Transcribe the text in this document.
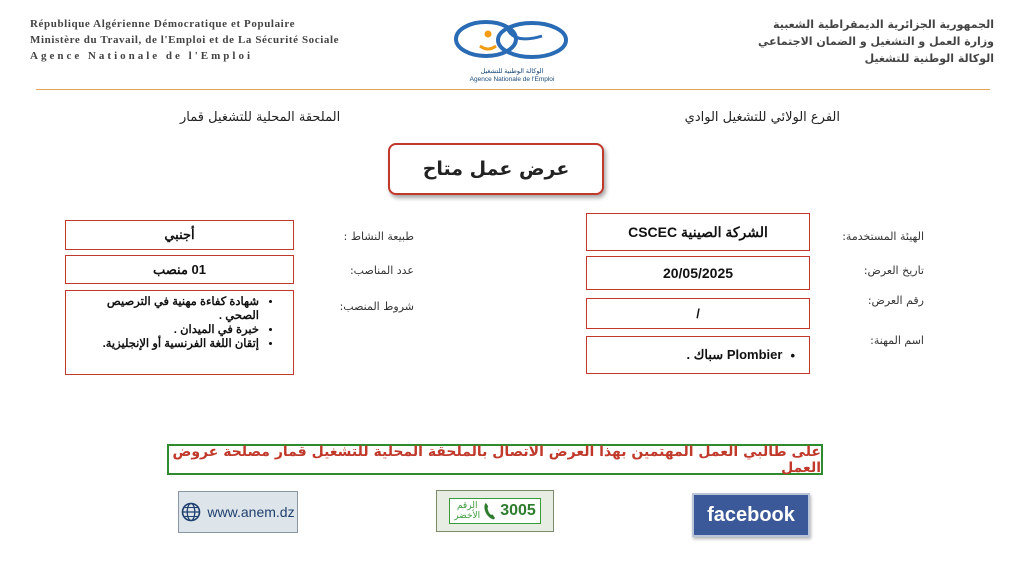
République Algérienne Démocratique et Populaire
Ministère du Travail, de l'Emploi et de La Sécurité Sociale
Agence Nationale de l'Emploi
الوكالة الوطنية للتشغيل
Agence Nationale de l'Emploi
الجمهورية الجزائرية الديمقراطية الشعبية
وزارة العمل و التشغيل و الضمان الاجتماعي
الوكالة الوطنية للتشغيل
الفرع الولائي للتشغيل الوادي
الملحقة المحلية للتشغيل قمار
عرض عمل متاح
الهيئة المستخدمة:
تاريخ العرض:
رقم العرض:
اسم المهنة:
الشركة الصينية CSCEC
20/05/2025
/
•
Plombier سباك .
طبيعة النشاط :
عدد المناصب:
شروط المنصب:
أجنبي
01 منصب
• شهادة كفاءة مهنية في الترصيص الصحي .
• خبرة في الميدان .
• إتقان اللغة الفرنسية أو الإنجليزية.
على طالبي العمل المهتمين بهذا العرض الاتصال بالملحقة المحلية للتشغيل قمار مصلحة عروض العمل
www.anem.dz	الرقم
الأخضر 3005	facebook
